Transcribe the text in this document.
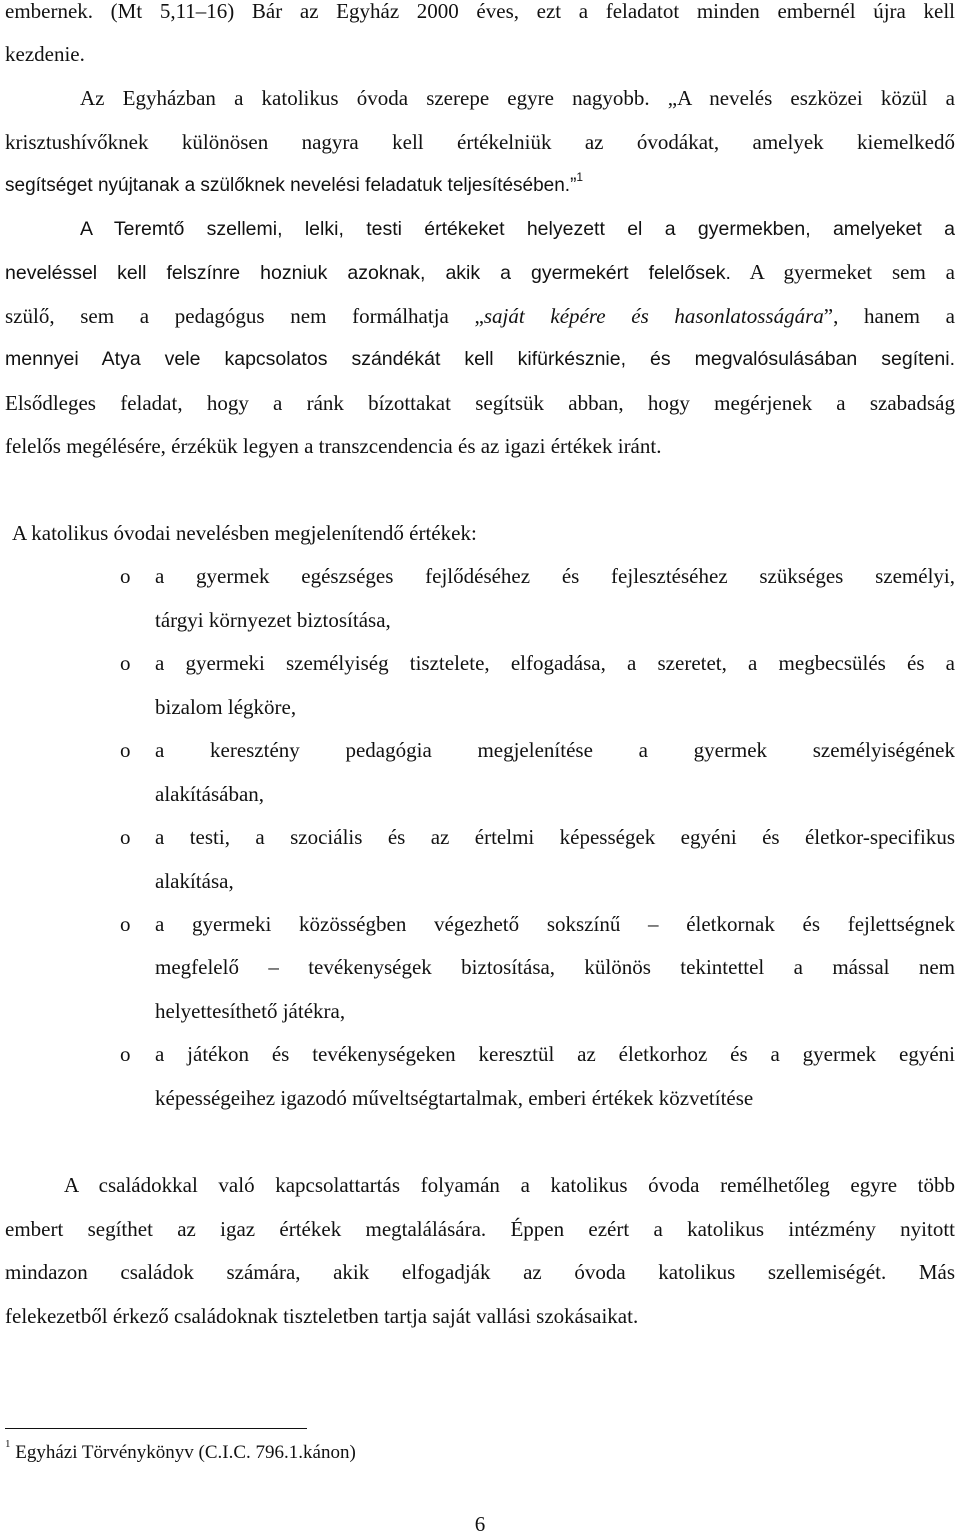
embernek. (Mt 5,11–16) Bár az Egyház 2000 éves, ezt a feladatot minden embernél újra kell
kezdenie.
Az Egyházban a katolikus óvoda szerepe egyre nagyobb. „A nevelés eszközei közül a
krisztushívőknek különösen nagyra kell értékelniük az óvodákat, amelyek kiemelkedő
segítséget nyújtanak a szülőknek nevelési feladatuk teljesítésében.”$^1$
A Teremtő szellemi, lelki, testi értékeket helyezett el a gyermekben, amelyeket a
neveléssel kell felszínre hozniuk azoknak, akik a gyermekért felelősek. A gyermeket sem a
szülő, sem a pedagógus nem formálhatja „saját képére és hasonlatosságára”, hanem a
mennyei Atya vele kapcsolatos szándékát kell kifürkésznie, és megvalósulásában segíteni.
Elsődleges feladat, hogy a ránk bízottakat segítsük abban, hogy megérjenek a szabadság
felelős megélésére, érzékük legyen a transzcendencia és az igazi értékek iránt.
A katolikus óvodai nevelésben megjelenítendő értékek:
o	a gyermek egészséges fejlődéséhez és fejlesztéséhez szükséges személyi,
tárgyi környezet biztosítása,
o	a gyermeki személyiség tisztelete, elfogadása, a szeretet, a megbecsülés és a
bizalom légköre,
o	a keresztény pedagógia megjelenítése a gyermek személyiségének
alakításában,
o	a testi, a szociális és az értelmi képességek egyéni és életkor-specifikus
alakítása,
o	a gyermeki közösségben végezhető sokszínű – életkornak és fejlettségnek
megfelelő – tevékenységek biztosítása, különös tekintettel a mással nem
helyettesíthető játékra,
o	a játékon és tevékenységeken keresztül az életkorhoz és a gyermek egyéni
képességeihez igazodó műveltségtartalmak, emberi értékek közvetítése
A családokkal való kapcsolattartás folyamán a katolikus óvoda remélhetőleg egyre több
embert segíthet az igaz értékek megtalálására. Éppen ezért a katolikus intézmény nyitott
mindazon családok számára, akik elfogadják az óvoda katolikus szellemiségét. Más
felekezetből érkező családoknak tiszteletben tartja saját vallási szokásaikat.
$^1$ Egyházi Törvénykönyv (C.I.C. 796.1.kánon)
6
